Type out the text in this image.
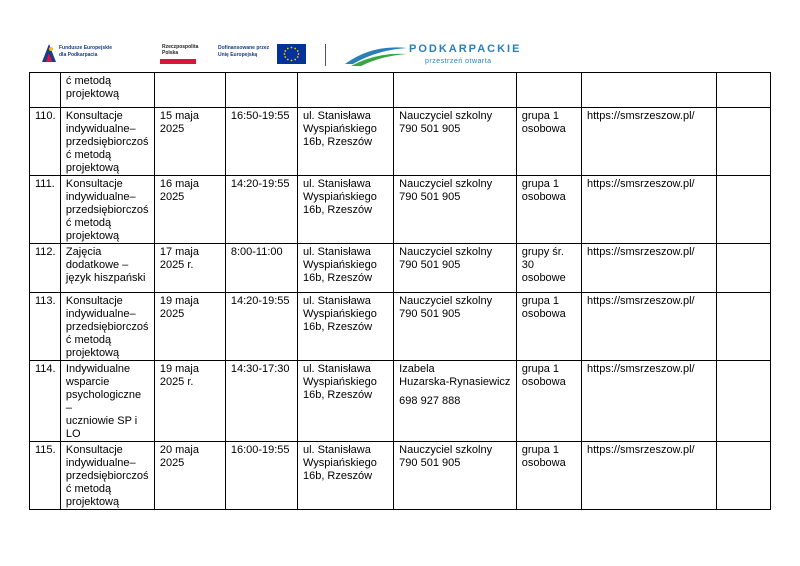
Fundusze Europejskie
dla Podkarpacia
Rzeczpospolita
Polska
Dofinansowane przez
Unię Europejską	PODKARPACKIE
przestrzeń otwarta

	ć metodą
projektową							

110.	Konsultacje
indywidualne–
przedsiębiorczoś
ć metodą
projektową	15 maja
2025	16:50-19:55	ul. Stanisława
Wyspiańskiego
16b, Rzeszów	Nauczyciel szkolny
790 501 905	grupa 1
osobowa	https://smsrzeszow.pl/	
111.	Konsultacje
indywidualne–
przedsiębiorczoś
ć metodą
projektową	16 maja
2025	14:20-19:55	ul. Stanisława
Wyspiańskiego
16b, Rzeszów	Nauczyciel szkolny
790 501 905	grupa 1
osobowa	https://smsrzeszow.pl/	
112.	Zajęcia
dodatkowe –
język hiszpański	17 maja
2025 r.	8:00-11:00	ul. Stanisława
Wyspiańskiego
16b, Rzeszów	Nauczyciel szkolny
790 501 905	grupy śr. 30
osobowe	https://smsrzeszow.pl/	
113.	Konsultacje
indywidualne–
przedsiębiorczoś
ć metodą
projektową	19 maja
2025	14:20-19:55	ul. Stanisława
Wyspiańskiego
16b, Rzeszów	Nauczyciel szkolny
790 501 905	grupa 1
osobowa	https://smsrzeszow.pl/	
114.	Indywidualne
wsparcie
psychologiczne –
uczniowie SP i
LO	19 maja
2025 r.	14:30-17:30	ul. Stanisława
Wyspiańskiego
16b, Rzeszów	Izabela
Huzarska-Rynasiewicz
698 927 888	grupa 1
osobowa	https://smsrzeszow.pl/	
115.	Konsultacje
indywidualne–
przedsiębiorczoś
ć metodą
projektową	20 maja
2025	16:00-19:55	ul. Stanisława
Wyspiańskiego
16b, Rzeszów	Nauczyciel szkolny
790 501 905	grupa 1
osobowa	https://smsrzeszow.pl/	
